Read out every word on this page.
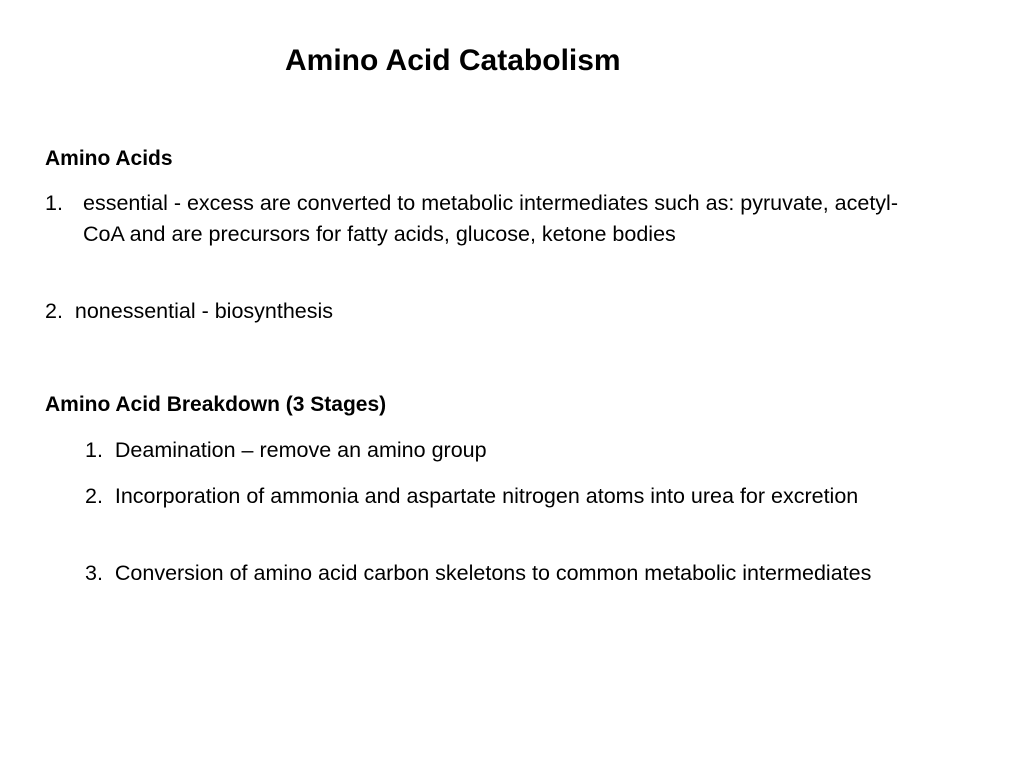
Amino Acid Catabolism
Amino Acids
1. essential - excess are converted to metabolic intermediates such as: pyruvate, acetyl-CoA and are precursors for fatty acids, glucose, ketone bodies
2.  nonessential - biosynthesis
Amino Acid Breakdown (3 Stages)
1.  Deamination – remove an amino group
2.  Incorporation of ammonia and aspartate nitrogen atoms into urea for excretion
3.  Conversion of amino acid carbon skeletons to common metabolic intermediates
